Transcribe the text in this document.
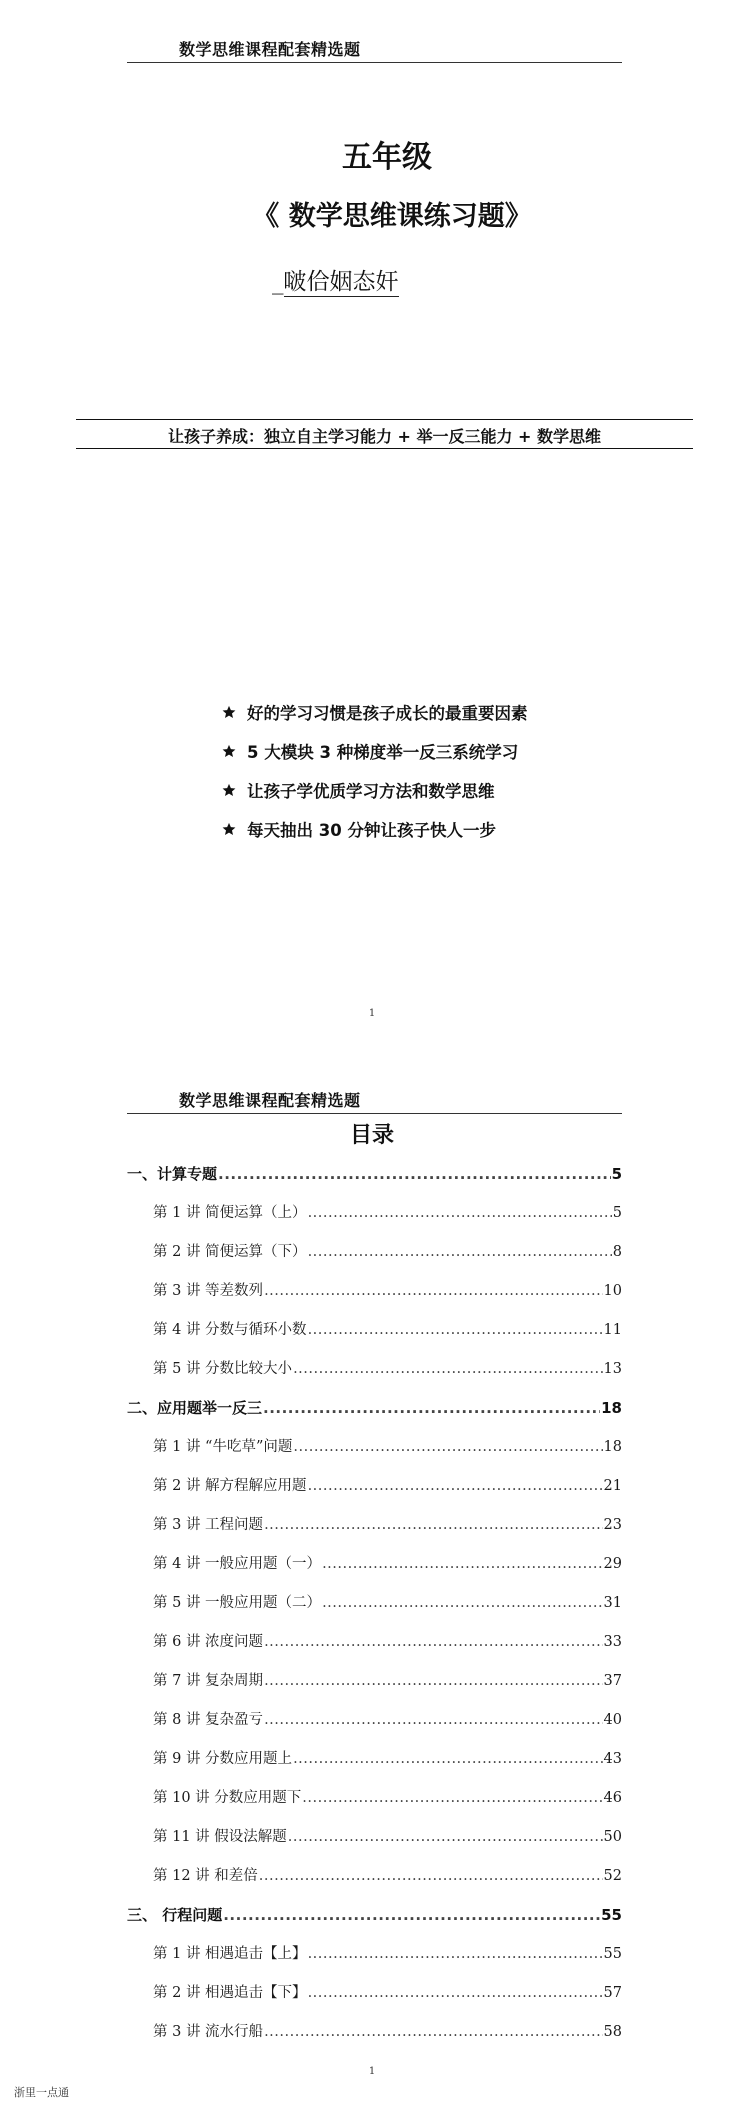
数学思维课程配套精选题
五年级
《 数学思维课练习题》
_啵佮姻态奸
让孩子养成：独立自主学习能力 + 举一反三能力 + 数学思维
好的学习习惯是孩子成长的最重要因素
5 大模块 3 种梯度举一反三系统学习
让孩子学优质学习方法和数学思维
每天抽出 30 分钟让孩子快人一步
1
数学思维课程配套精选题
目录
一、计算专题 .....	5
第 1 讲 简便运算（上） .....	5
第 2 讲 简便运算（下） .....	8
第 3 讲 等差数列 .....	10
第 4 讲 分数与循环小数 .....	11
第 5 讲 分数比较大小 .....	13
二、应用题举一反三 .....	18
第 1 讲 “牛吃草”问题 .....	18
第 2 讲 解方程解应用题 .....	21
第 3 讲 工程问题 .....	23
第 4 讲 一般应用题（一） .....	29
第 5 讲 一般应用题（二） .....	31
第 6 讲 浓度问题 .....	33
第 7 讲 复杂周期 .....	37
第 8 讲 复杂盈亏 .....	40
第 9 讲 分数应用题上 .....	43
第 10 讲 分数应用题下 .....	46
第 11 讲 假设法解题 .....	50
第 12 讲 和差倍 .....	52
三、 行程问题 .....	55
第 1 讲 相遇追击【上】 .....	55
第 2 讲 相遇追击【下】 .....	57
第 3 讲 流水行船 .....	58
1
浙里一点通
